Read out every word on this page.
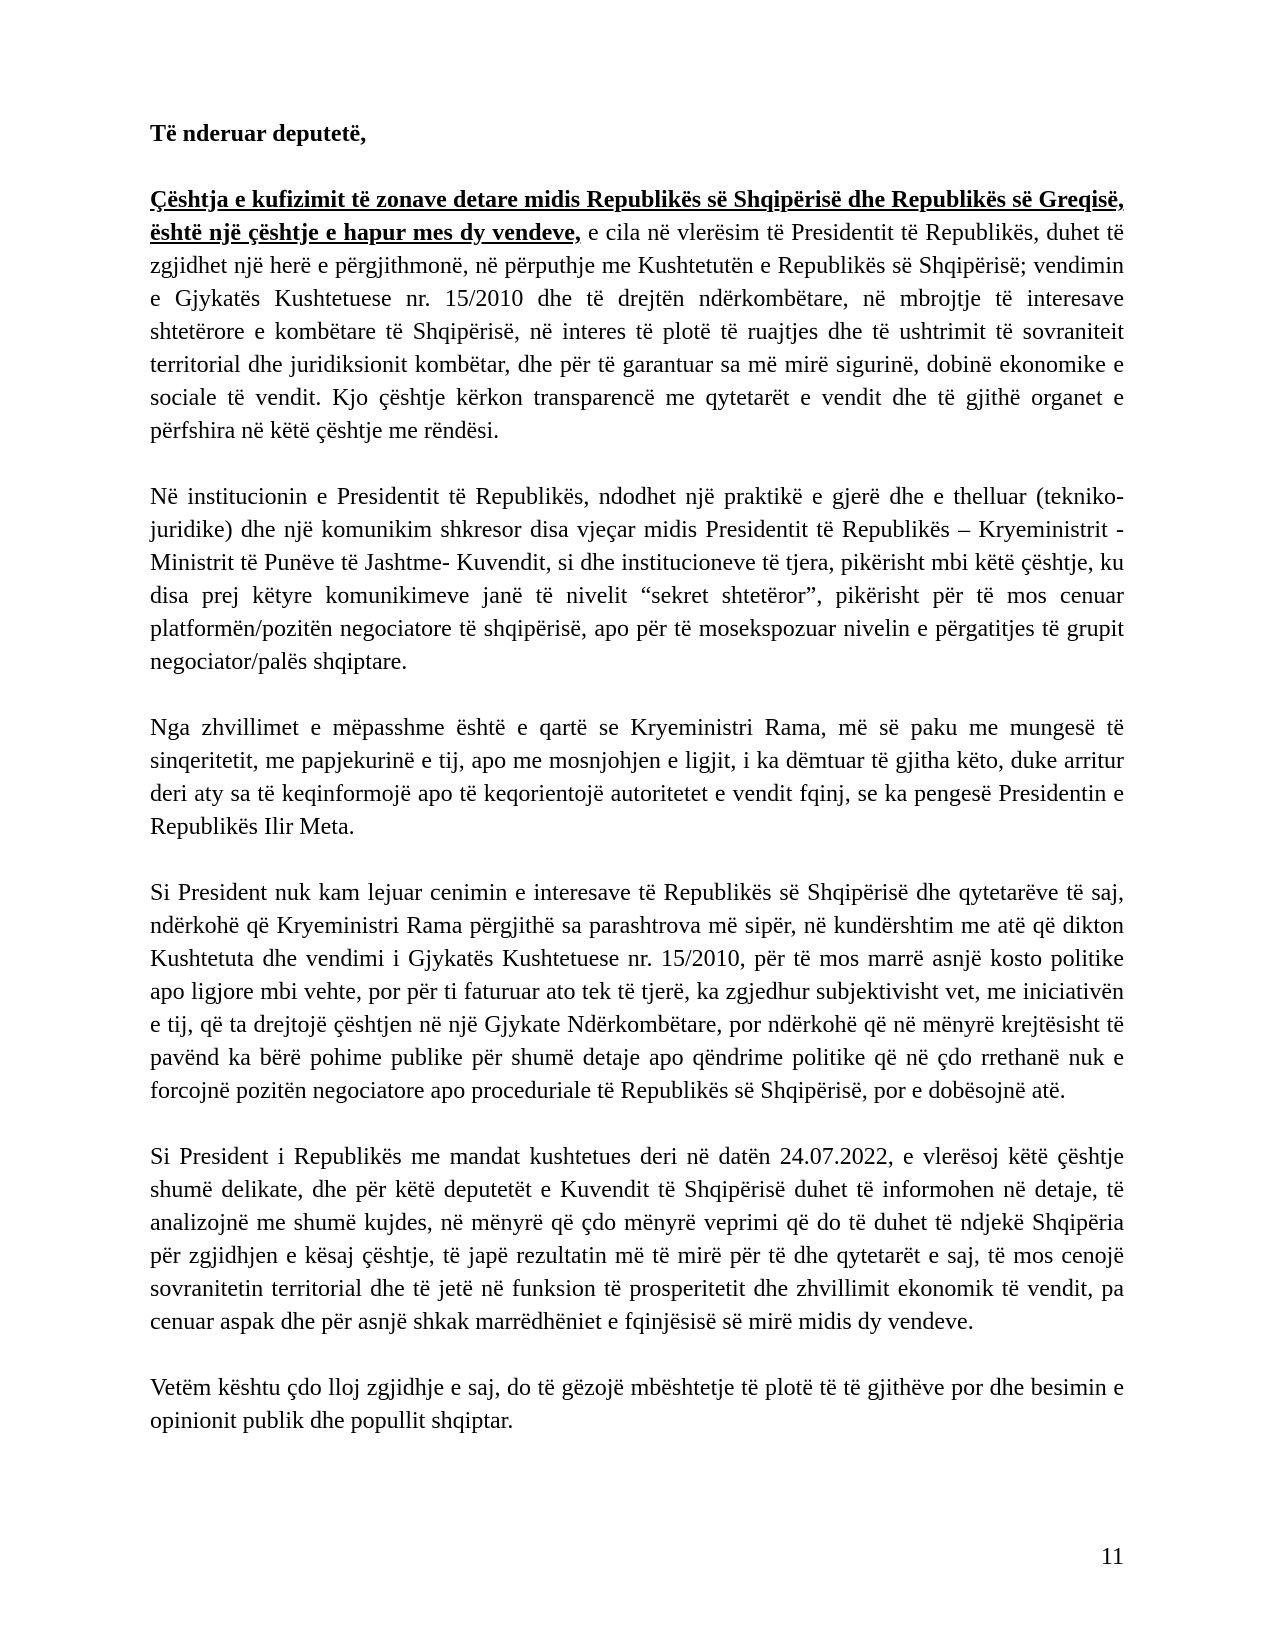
Të nderuar deputetë,

Çështja e kufizimit të zonave detare midis Republikës së Shqipërisë dhe Republikës së Greqisë, është një çështje e hapur mes dy vendeve, e cila në vlerësim të Presidentit të Republikës, duhet të zgjidhet një herë e përgjithmonë, në përputhje me Kushtetutën e Republikës së Shqipërisë; vendimin e Gjykatës Kushtetuese nr. 15/2010 dhe të drejtën ndërkombëtare, në mbrojtje të interesave shtetërore e kombëtare të Shqipërisë, në interes të plotë të ruajtjes dhe të ushtrimit të sovraniteit territorial dhe juridiksionit kombëtar, dhe për të garantuar sa më mirë sigurinë, dobinë ekonomike e sociale të vendit. Kjo çështje kërkon transparencë me qytetarët e vendit dhe të gjithë organet e përfshira në këtë çështje me rëndësi.

Në institucionin e Presidentit të Republikës, ndodhet një praktikë e gjerë dhe e thelluar (tekniko-juridike) dhe një komunikim shkresor disa vjeçar midis Presidentit të Republikës – Kryeministrit - Ministrit të Punëve të Jashtme- Kuvendit, si dhe institucioneve të tjera, pikërisht mbi këtë çështje, ku disa prej këtyre komunikimeve janë të nivelit “sekret shtetëror”, pikërisht për të mos cenuar platformën/pozitën negociatore të shqipërisë, apo për të mosekspozuar nivelin e përgatitjes të grupit negociator/palës shqiptare.

Nga zhvillimet e mëpasshme është e qartë se Kryeministri Rama, më së paku me mungesë të sinqeritetit, me papjekurinë e tij, apo me mosnjohjen e ligjit, i ka dëmtuar të gjitha këto, duke arritur deri aty sa të keqinformojë apo të keqorientojë autoritetet e vendit fqinj, se ka pengesë Presidentin e Republikës Ilir Meta.

Si President nuk kam lejuar cenimin e interesave të Republikës së Shqipërisë dhe qytetarëve të saj, ndërkohë që Kryeministri Rama përgjithë sa parashtrova më sipër, në kundërshtim me atë që dikton Kushtetuta dhe vendimi i Gjykatës Kushtetuese nr. 15/2010, për të mos marrë asnjë kosto politike apo ligjore mbi vehte, por për ti faturuar ato tek të tjerë, ka zgjedhur subjektivisht vet, me iniciativën e tij, që ta drejtojë çështjen në një Gjykate Ndërkombëtare, por ndërkohë që në mënyrë krejtësisht të pavënd ka bërë pohime publike për shumë detaje apo qëndrime politike që në çdo rrethanë nuk e forcojnë pozitën negociatore apo proceduriale të Republikës së Shqipërisë, por e dobësojnë atë.

Si President i Republikës me mandat kushtetues deri në datën 24.07.2022, e vlerësoj këtë çështje shumë delikate, dhe për këtë deputetët e Kuvendit të Shqipërisë duhet të informohen në detaje, të analizojnë me shumë kujdes, në mënyrë që çdo mënyrë veprimi që do të duhet të ndjekë Shqipëria për zgjidhjen e kësaj çështje, të japë rezultatin më të mirë për të dhe qytetarët e saj, të mos cenojë sovranitetin territorial dhe të jetë në funksion të prosperitetit dhe zhvillimit ekonomik të vendit, pa cenuar aspak dhe për asnjë shkak marrëdhëniet e fqinjësisë së mirë midis dy vendeve.

Vetëm kështu çdo lloj zgjidhje e saj, do të gëzojë mbështetje të plotë të të gjithëve por dhe besimin e opinionit publik dhe popullit shqiptar.

11
